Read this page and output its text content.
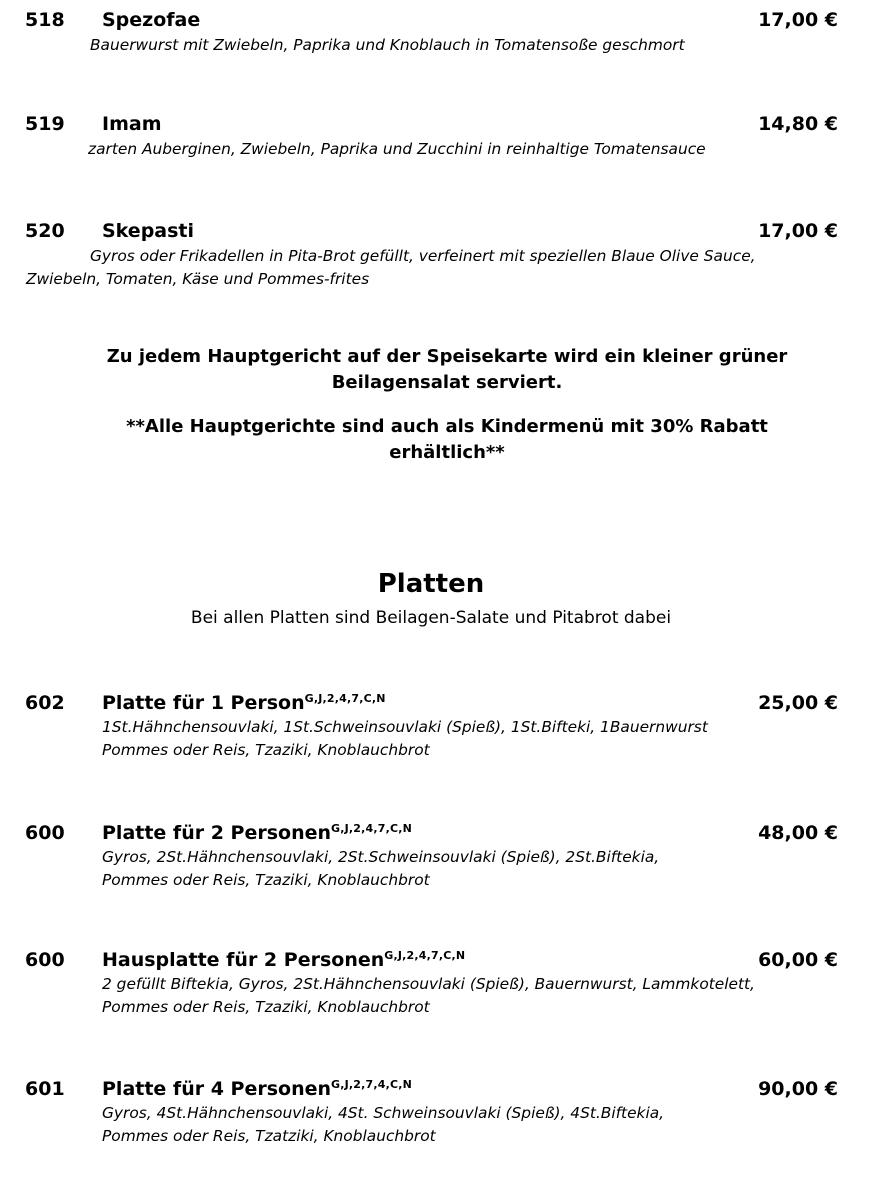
518 Spezofae	17,00 €
Bauerwurst mit Zwiebeln, Paprika und Knoblauch in Tomatensoße geschmort
519 Imam	14,80 €
zarten Auberginen, Zwiebeln, Paprika und Zucchini in reinhaltige Tomatensauce
520 Skepasti	17,00 €
Gyros oder Frikadellen in Pita-Brot gefüllt, verfeinert mit speziellen Blaue Olive Sauce,
Zwiebeln, Tomaten, Käse und Pommes-frites
Zu jedem Hauptgericht auf der Speisekarte wird ein kleiner grüner
Beilagensalat serviert.
**Alle Hauptgerichte sind auch als Kindermenü mit 30% Rabatt
erhältlich**
Platten
Bei allen Platten sind Beilagen-Salate und Pitabrot dabei
602 Platte für 1 Person$^{G,J,2,4,7,C,N}$	25,00 €
1St.Hähnchensouvlaki, 1St.Schweinsouvlaki (Spieß), 1St.Bifteki, 1Bauernwurst
Pommes oder Reis, Tzaziki, Knoblauchbrot
600 Platte für 2 Personen$^{G,J,2,4,7,C,N}$	48,00 €
Gyros, 2St.Hähnchensouvlaki, 2St.Schweinsouvlaki (Spieß), 2St.Biftekia,
Pommes oder Reis, Tzaziki, Knoblauchbrot
600 Hausplatte für 2 Personen$^{G,J,2,4,7,C,N}$	60,00 €
2 gefüllt Biftekia, Gyros, 2St.Hähnchensouvlaki (Spieß), Bauernwurst, Lammkotelett,
Pommes oder Reis, Tzaziki, Knoblauchbrot
601 Platte für 4 Personen$^{G,J,2,7,4,C,N}$	90,00 €
Gyros, 4St.Hähnchensouvlaki, 4St. Schweinsouvlaki (Spieß), 4St.Biftekia,
Pommes oder Reis, Tzatziki, Knoblauchbrot
